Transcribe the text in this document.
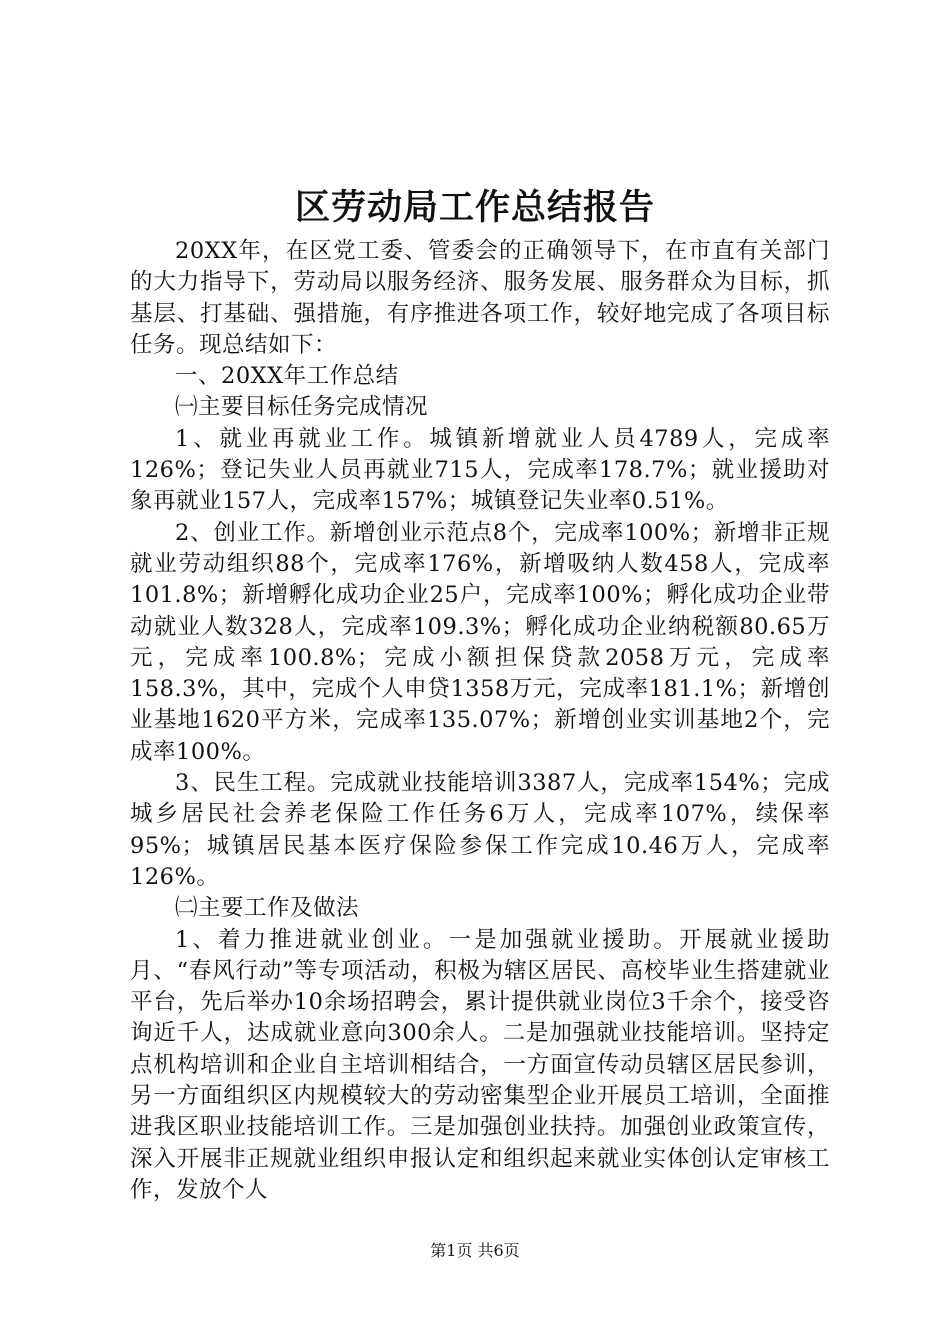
区劳动局工作总结报告

20XX年，在区党工委、管委会的正确领导下，在市直有关部门的大力指导下，劳动局以服务经济、服务发展、服务群众为目标，抓基层、打基础、强措施，有序推进各项工作，较好地完成了各项目标任务。现总结如下：

一、20XX年工作总结

㈠主要目标任务完成情况

1、就业再就业工作。城镇新增就业人员4789人，完成率126%；登记失业人员再就业715人，完成率178.7%；就业援助对象再就业157人，完成率157%；城镇登记失业率0.51%。

2、创业工作。新增创业示范点8个，完成率100%；新增非正规就业劳动组织88个，完成率176%，新增吸纳人数458人，完成率101.8%；新增孵化成功企业25户，完成率100%；孵化成功企业带动就业人数328人，完成率109.3%；孵化成功企业纳税额80.65万元，完成率100.8%；完成小额担保贷款2058万元，完成率158.3%，其中，完成个人申贷1358万元，完成率181.1%；新增创业基地1620平方米，完成率135.07%；新增创业实训基地2个，完成率100%。

3、民生工程。完成就业技能培训3387人，完成率154%；完成城乡居民社会养老保险工作任务6万人，完成率107%，续保率95%；城镇居民基本医疗保险参保工作完成10.46万人，完成率126%。

㈡主要工作及做法

1、着力推进就业创业。一是加强就业援助。开展就业援助月、“春风行动”等专项活动，积极为辖区居民、高校毕业生搭建就业平台，先后举办10余场招聘会，累计提供就业岗位3千余个，接受咨询近千人，达成就业意向300余人。二是加强就业技能培训。坚持定点机构培训和企业自主培训相结合，一方面宣传动员辖区居民参训，另一方面组织区内规模较大的劳动密集型企业开展员工培训，全面推进我区职业技能培训工作。三是加强创业扶持。加强创业政策宣传，深入开展非正规就业组织申报认定和组织起来就业实体创认定审核工作，发放个人

第1页 共6页
